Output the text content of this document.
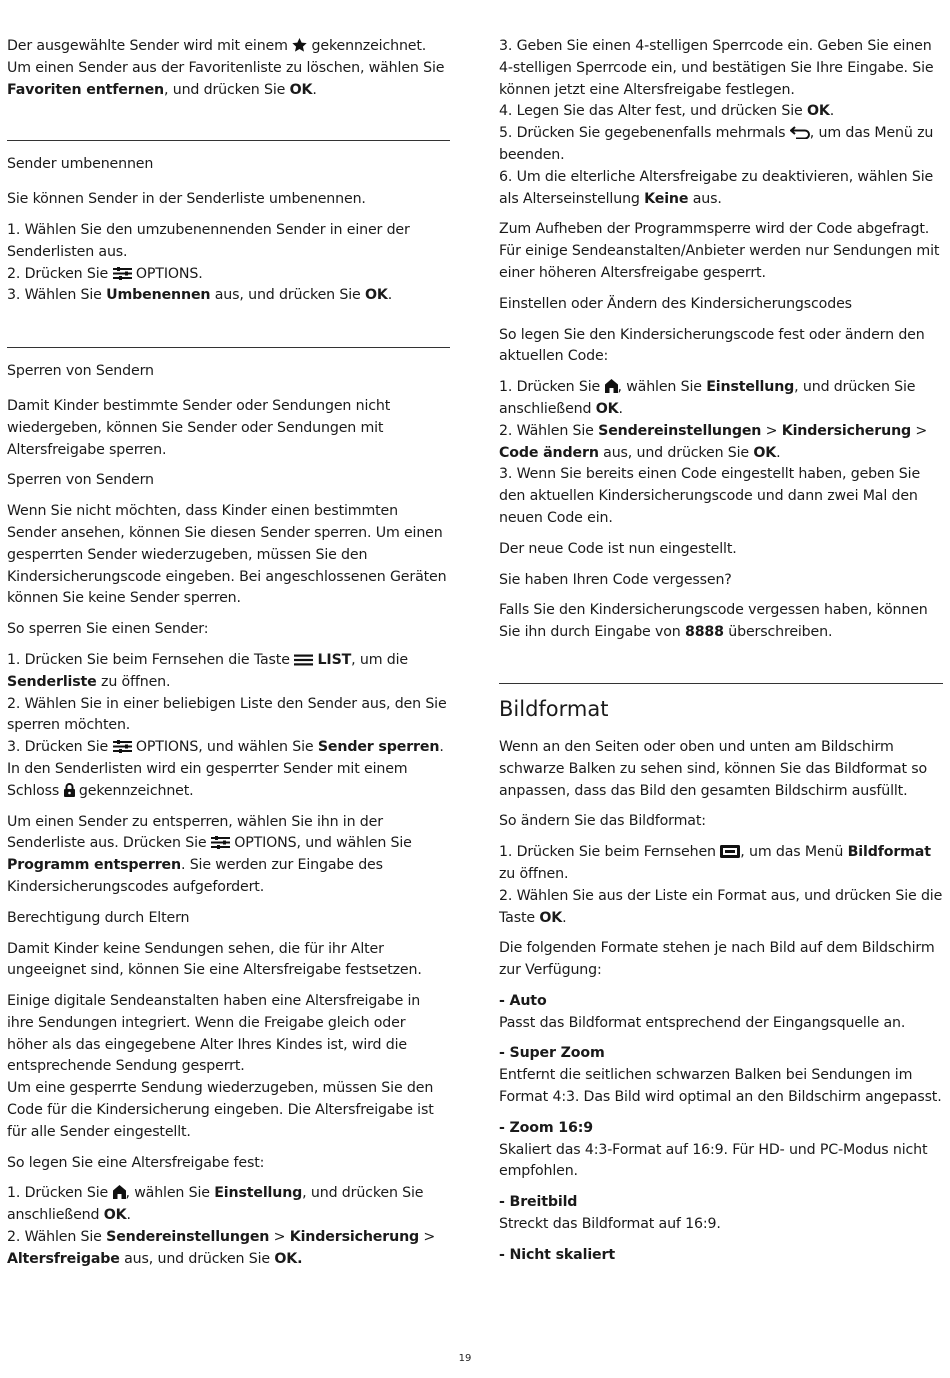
Der ausgewählte Sender wird mit einem gekennzeichnet. Um einen Sender aus der Favoritenliste zu löschen, wählen Sie Favoriten entfernen, und drücken Sie OK.

Sender umbenennen

Sie können Sender in der Senderliste umbenennen.

1. Wählen Sie den umzubenennenden Sender in einer der Senderlisten aus.
2. Drücken Sie OPTIONS.
3. Wählen Sie Umbenennen aus, und drücken Sie OK.

Sperren von Sendern

Damit Kinder bestimmte Sender oder Sendungen nicht wiedergeben, können Sie Sender oder Sendungen mit Altersfreigabe sperren.

Sperren von Sendern

Wenn Sie nicht möchten, dass Kinder einen bestimmten Sender ansehen, können Sie diesen Sender sperren. Um einen gesperrten Sender wiederzugeben, müssen Sie den Kindersicherungscode eingeben. Bei angeschlossenen Geräten können Sie keine Sender sperren.

So sperren Sie einen Sender:

1. Drücken Sie beim Fernsehen die Taste LIST, um die Senderliste zu öffnen.
2. Wählen Sie in einer beliebigen Liste den Sender aus, den Sie sperren möchten.
3. Drücken Sie OPTIONS, und wählen Sie Sender sperren. In den Senderlisten wird ein gesperrter Sender mit einem Schloss gekennzeichnet.

Um einen Sender zu entsperren, wählen Sie ihn in der Senderliste aus. Drücken Sie OPTIONS, und wählen Sie Programm entsperren. Sie werden zur Eingabe des Kindersicherungscodes aufgefordert.

Berechtigung durch Eltern

Damit Kinder keine Sendungen sehen, die für ihr Alter ungeeignet sind, können Sie eine Altersfreigabe festsetzen.

Einige digitale Sendeanstalten haben eine Altersfreigabe in ihre Sendungen integriert. Wenn die Freigabe gleich oder höher als das eingegebene Alter Ihres Kindes ist, wird die entsprechende Sendung gesperrt.
Um eine gesperrte Sendung wiederzugeben, müssen Sie den Code für die Kindersicherung eingeben. Die Altersfreigabe ist für alle Sender eingestellt.

So legen Sie eine Altersfreigabe fest:

1. Drücken Sie , wählen Sie Einstellung, und drücken Sie anschließend OK.
2. Wählen Sie Sendereinstellungen > Kindersicherung > Altersfreigabe aus, und drücken Sie OK.

3. Geben Sie einen 4-stelligen Sperrcode ein. Geben Sie einen 4-stelligen Sperrcode ein, und bestätigen Sie Ihre Eingabe. Sie können jetzt eine Altersfreigabe festlegen.
4. Legen Sie das Alter fest, und drücken Sie OK.
5. Drücken Sie gegebenenfalls mehrmals , um das Menü zu beenden.
6. Um die elterliche Altersfreigabe zu deaktivieren, wählen Sie als Alterseinstellung Keine aus.

Zum Aufheben der Programmsperre wird der Code abgefragt. Für einige Sendeanstalten/Anbieter werden nur Sendungen mit einer höheren Altersfreigabe gesperrt.

Einstellen oder Ändern des Kindersicherungscodes

So legen Sie den Kindersicherungscode fest oder ändern den aktuellen Code:

1. Drücken Sie , wählen Sie Einstellung, und drücken Sie anschließend OK.
2. Wählen Sie Sendereinstellungen > Kindersicherung > Code ändern aus, und drücken Sie OK.
3. Wenn Sie bereits einen Code eingestellt haben, geben Sie den aktuellen Kindersicherungscode und dann zwei Mal den neuen Code ein.

Der neue Code ist nun eingestellt.

Sie haben Ihren Code vergessen?

Falls Sie den Kindersicherungscode vergessen haben, können Sie ihn durch Eingabe von 8888 überschreiben.

Bildformat

Wenn an den Seiten oder oben und unten am Bildschirm schwarze Balken zu sehen sind, können Sie das Bildformat so anpassen, dass das Bild den gesamten Bildschirm ausfüllt.

So ändern Sie das Bildformat:

1. Drücken Sie beim Fernsehen , um das Menü Bildformat zu öffnen.
2. Wählen Sie aus der Liste ein Format aus, und drücken Sie die Taste OK.

Die folgenden Formate stehen je nach Bild auf dem Bildschirm zur Verfügung:

- Auto
Passt das Bildformat entsprechend der Eingangsquelle an.

- Super Zoom
Entfernt die seitlichen schwarzen Balken bei Sendungen im Format 4:3. Das Bild wird optimal an den Bildschirm angepasst.

- Zoom 16:9
Skaliert das 4:3-Format auf 16:9. Für HD- und PC-Modus nicht empfohlen.

- Breitbild
Streckt das Bildformat auf 16:9.

- Nicht skaliert

19
